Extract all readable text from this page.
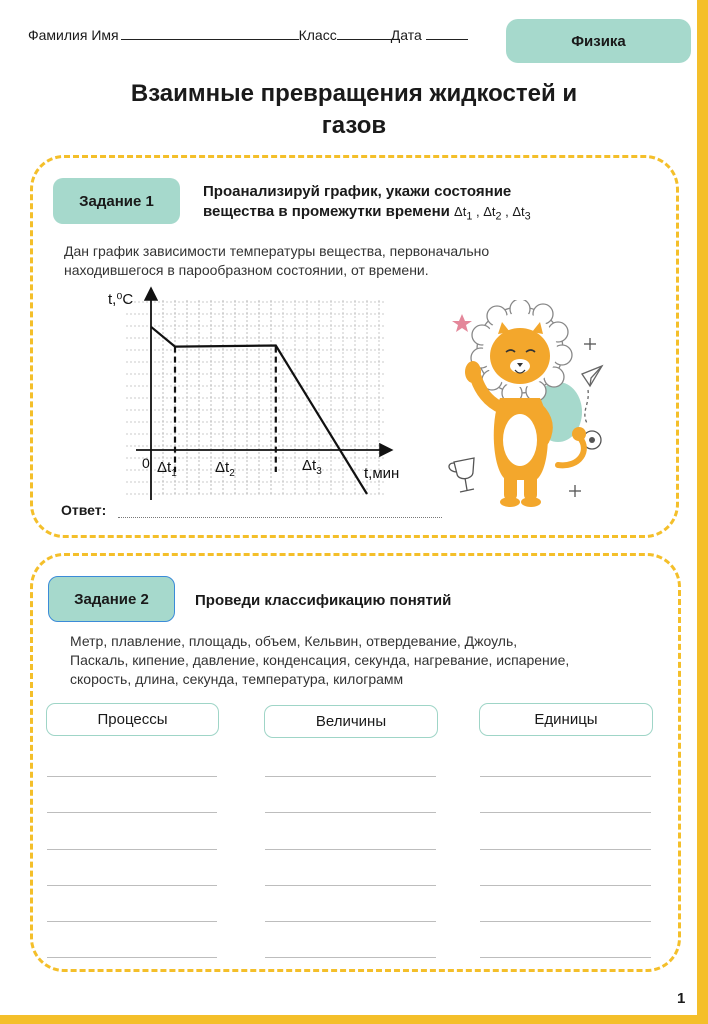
Фамилия Имя	Класс	Дата	Физика
Взаимные превращения жидкостей и
газов
Задание 1
Проанализируй график, укажи состояние
вещества в промежутки времени $\Delta t_1$ , $\Delta t_2$ , $\Delta t_3$
Дан график зависимости температуры вещества, первоначально
находившегося в парообразном состоянии, от времени.
t,⁰C
t,мин
0 $\Delta t_1$	$\Delta t_2$	$\Delta t_3$
Ответ:
Задание 2	Проведи классификацию понятий
Метр, плавление, площадь, объем, Кельвин, отвердевание, Джоуль,
Паскаль, кипение, давление, конденсация, секунда, нагревание, испарение,
скорость, длина, секунда, температура, килограмм
Процессы	Величины	Единицы
1
